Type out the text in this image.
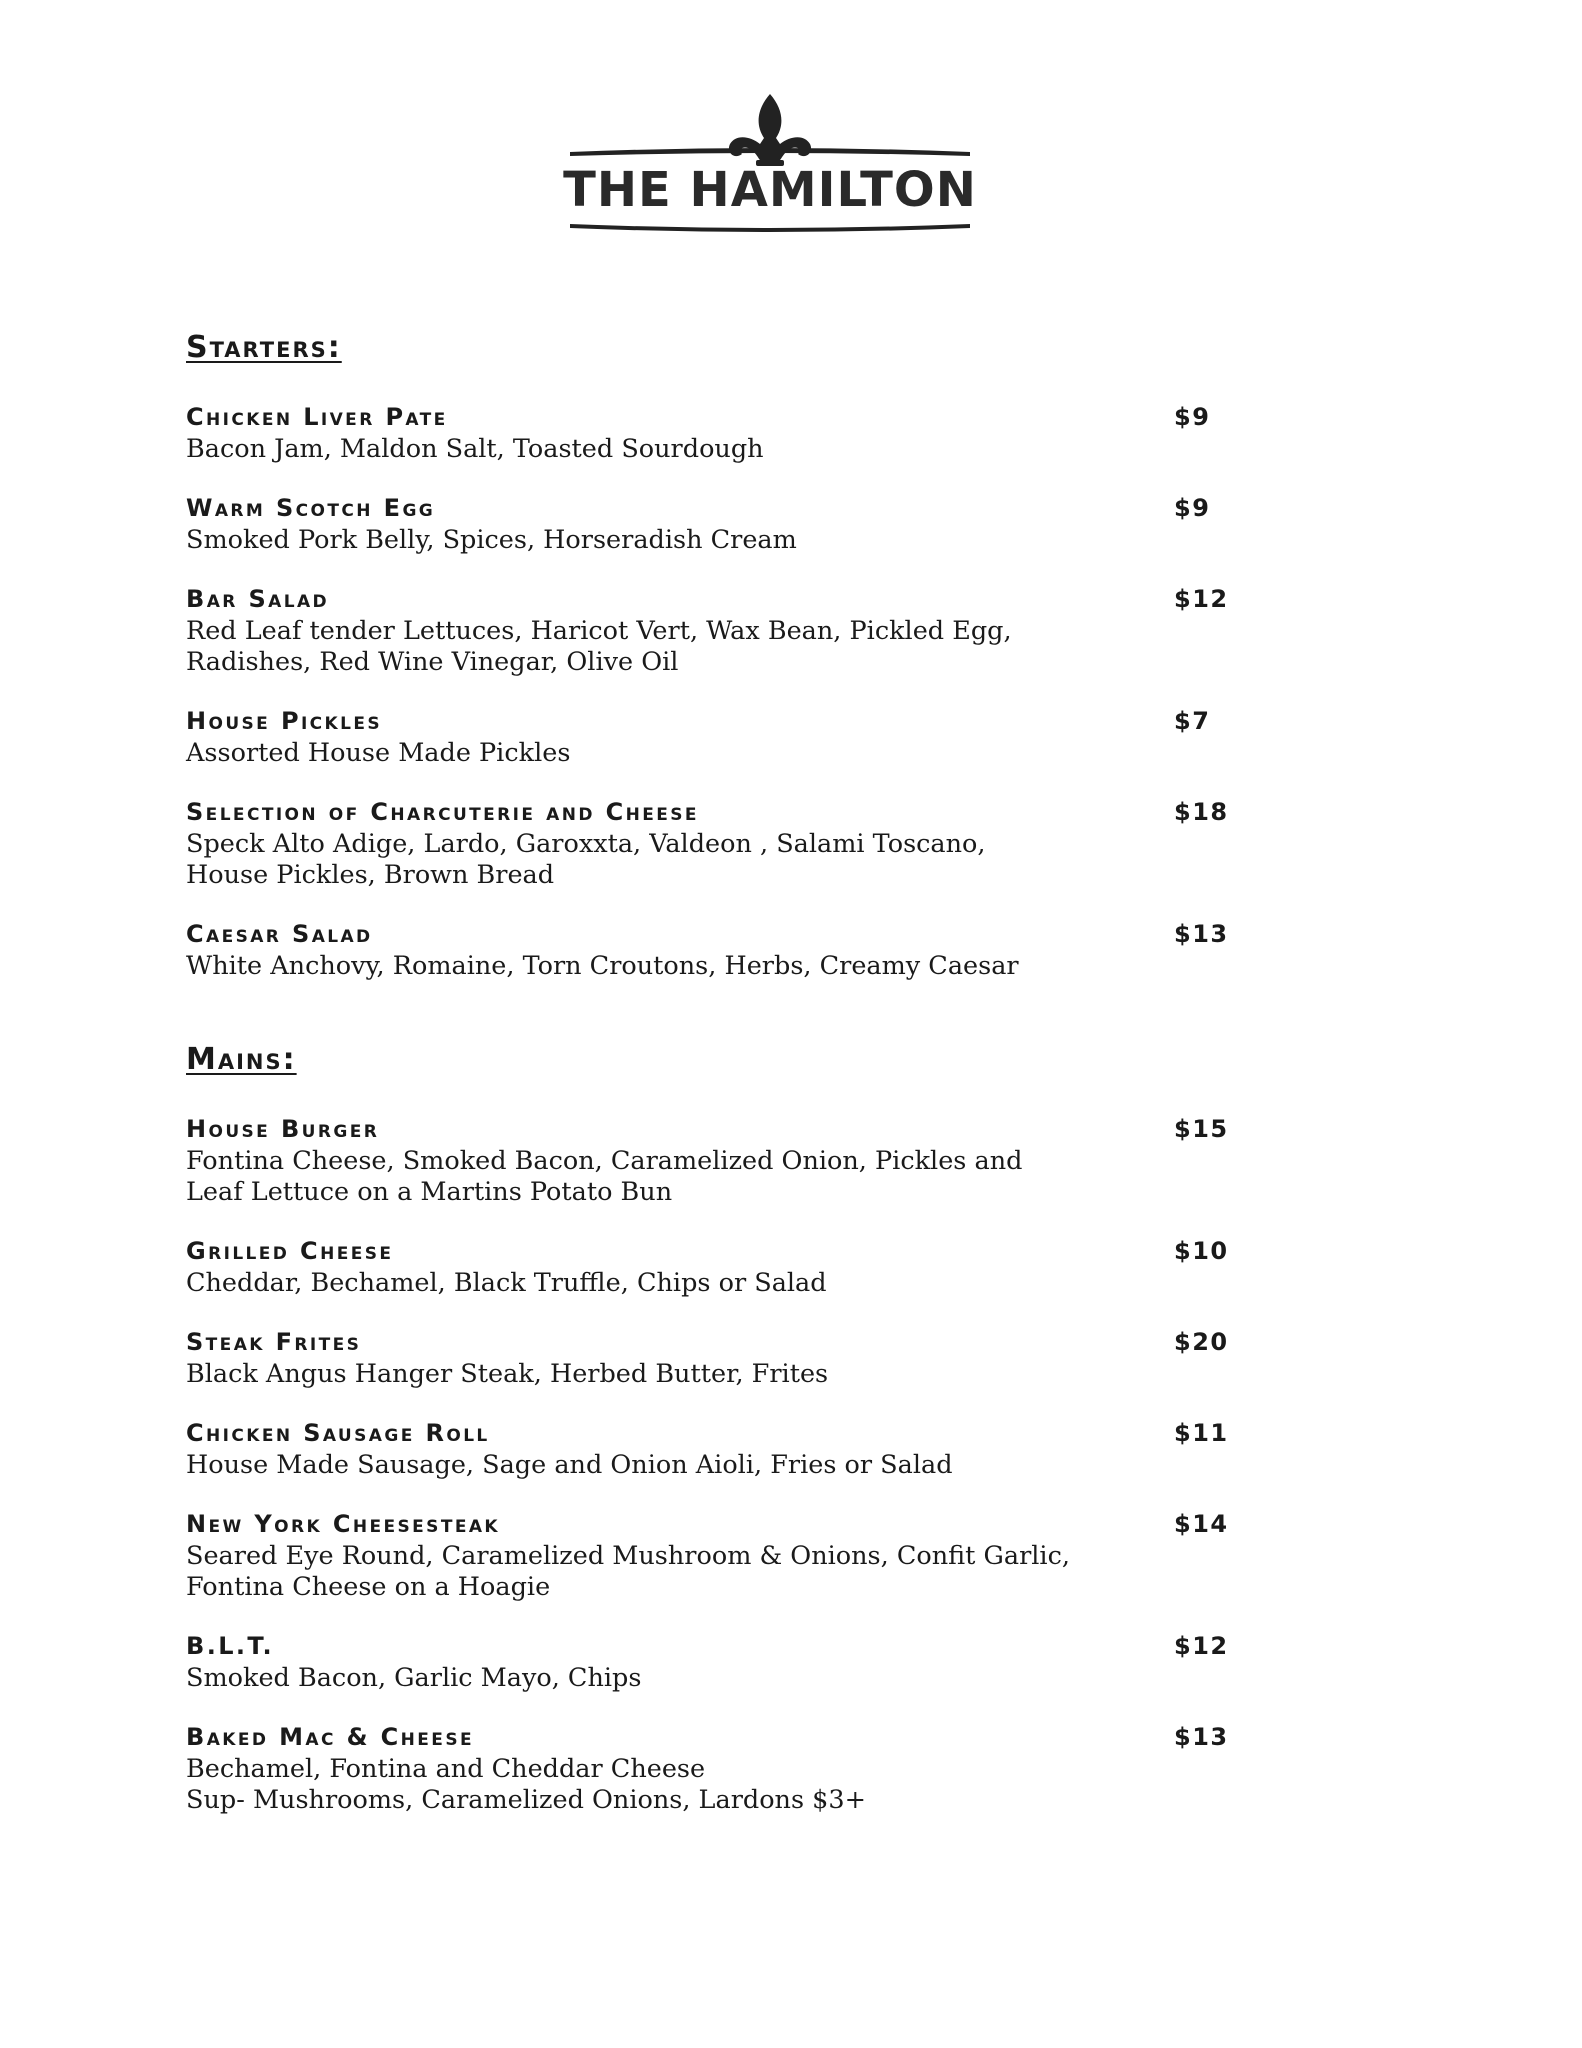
THE HAMILTON
Starters:
Chicken Liver Pate	$9
Bacon Jam, Maldon Salt, Toasted Sourdough
Warm Scotch Egg	$9
Smoked Pork Belly, Spices, Horseradish Cream
Bar Salad	$12
Red Leaf tender Lettuces, Haricot Vert, Wax Bean, Pickled Egg,
Radishes, Red Wine Vinegar, Olive Oil
House Pickles	$7
Assorted House Made Pickles
Selection of Charcuterie and Cheese	$18
Speck Alto Adige, Lardo, Garoxxta, Valdeon , Salami Toscano,
House Pickles, Brown Bread
Caesar Salad	$13
White Anchovy, Romaine, Torn Croutons, Herbs, Creamy Caesar
Mains:
House Burger	$15
Fontina Cheese, Smoked Bacon, Caramelized Onion, Pickles and
Leaf Lettuce on a Martins Potato Bun
Grilled Cheese	$10
Cheddar, Bechamel, Black Truffle, Chips or Salad
Steak Frites	$20
Black Angus Hanger Steak, Herbed Butter, Frites
Chicken Sausage Roll	$11
House Made Sausage, Sage and Onion Aioli, Fries or Salad
New York Cheesesteak	$14
Seared Eye Round, Caramelized Mushroom & Onions, Confit Garlic,
Fontina Cheese on a Hoagie
B.L.T.	$12
Smoked Bacon, Garlic Mayo, Chips
Baked Mac & Cheese	$13
Bechamel, Fontina and Cheddar Cheese
Sup- Mushrooms, Caramelized Onions, Lardons $3+
